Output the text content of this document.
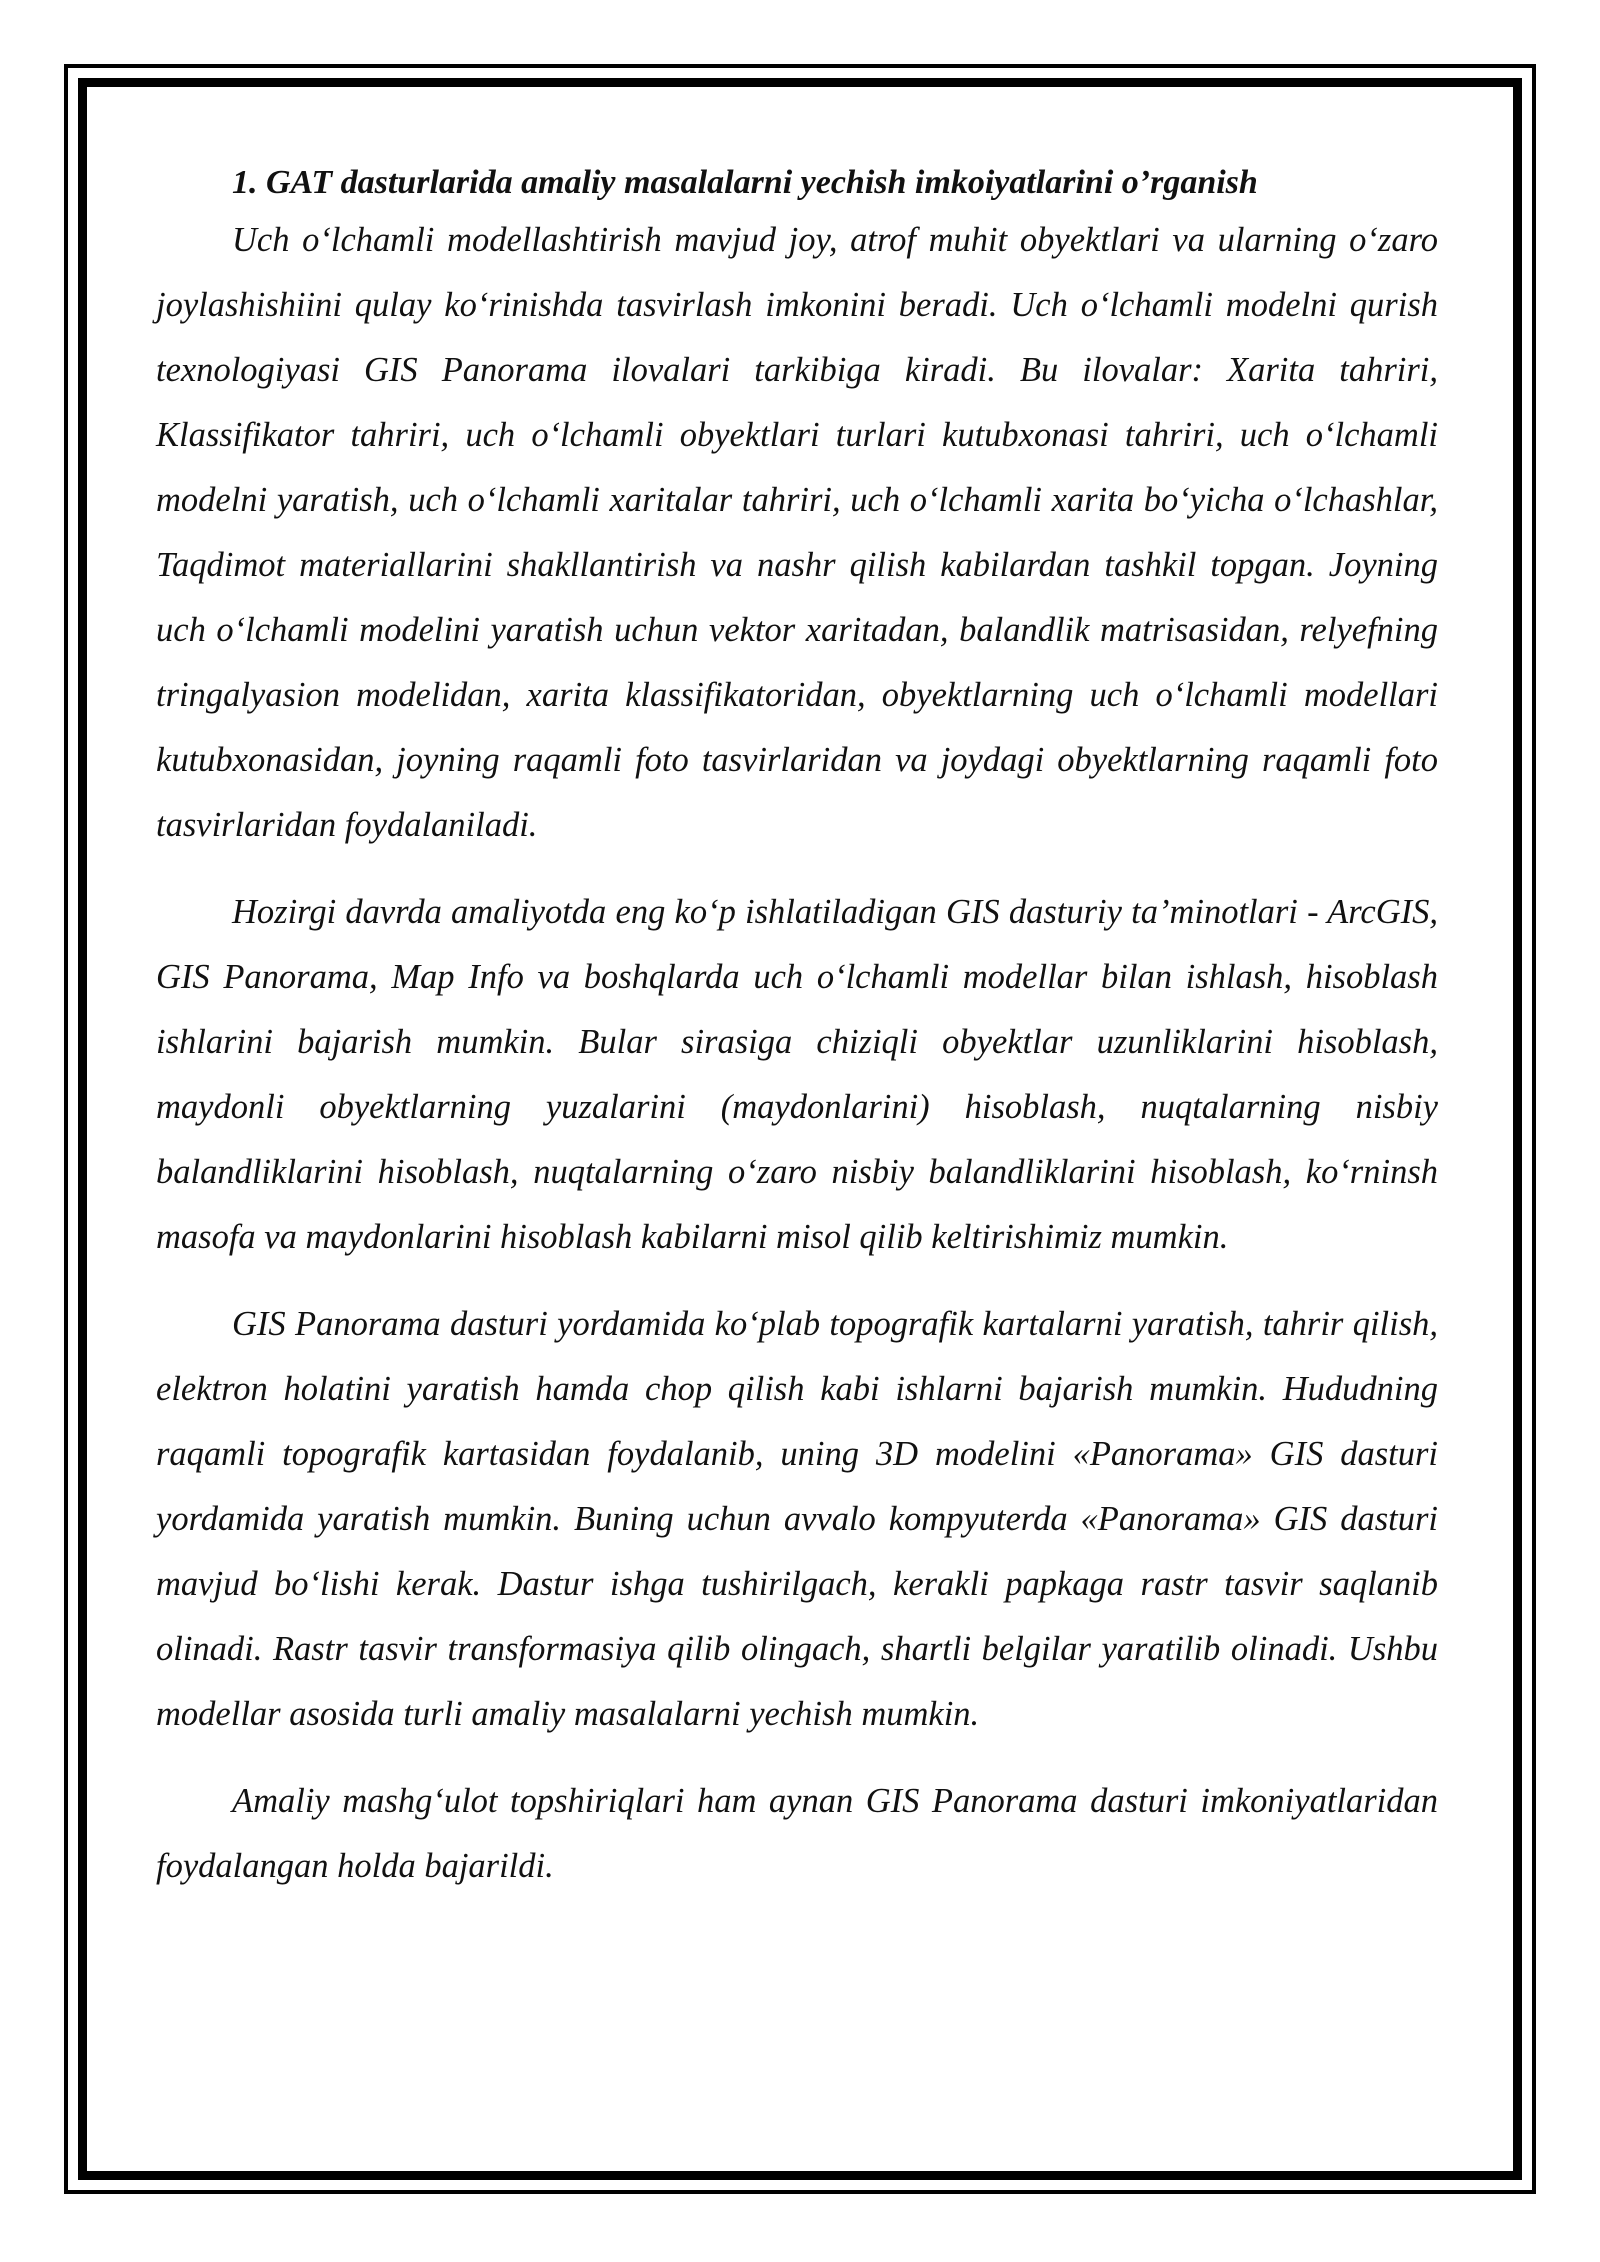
1. GAT dasturlarida amaliy masalalarni yechish imkoiyatlarini o’rganish

Uch o‘lchamli modellashtirish mavjud joy, atrof muhit obyektlari va ularning o‘zaro joylashishiini qulay ko‘rinishda tasvirlash imkonini beradi. Uch o‘lchamli modelni qurish texnologiyasi GIS Panorama ilovalari tarkibiga kiradi. Bu ilovalar: Xarita tahriri, Klassifikator tahriri, uch o‘lchamli obyektlari turlari kutubxonasi tahriri, uch o‘lchamli modelni yaratish, uch o‘lchamli xaritalar tahriri, uch o‘lchamli xarita bo‘yicha o‘lchashlar, Taqdimot materiallarini shakllantirish va nashr qilish kabilardan tashkil topgan. Joyning uch o‘lchamli modelini yaratish uchun vektor xaritadan, balandlik matrisasidan, relyefning tringalyasion modelidan, xarita klassifikatoridan, obyektlarning uch o‘lchamli modellari kutubxonasidan, joyning raqamli foto tasvirlaridan va joydagi obyektlarning raqamli foto tasvirlaridan foydalaniladi.

Hozirgi davrda amaliyotda eng ko‘p ishlatiladigan GIS dasturiy ta’minotlari - ArcGIS, GIS Panorama, Map Info va boshqlarda uch o‘lchamli modellar bilan ishlash, hisoblash ishlarini bajarish mumkin. Bular sirasiga chiziqli obyektlar uzunliklarini hisoblash, maydonli obyektlarning yuzalarini (maydonlarini) hisoblash, nuqtalarning nisbiy balandliklarini hisoblash, nuqtalarning o‘zaro nisbiy balandliklarini hisoblash, ko‘rninsh masofa va maydonlarini hisoblash kabilarni misol qilib keltirishimiz mumkin.

GIS Panorama dasturi yordamida ko‘plab topografik kartalarni yaratish, tahrir qilish, elektron holatini yaratish hamda chop qilish kabi ishlarni bajarish mumkin. Hududning raqamli topografik kartasidan foydalanib, uning 3D modelini «Panorama» GIS dasturi yordamida yaratish mumkin. Buning uchun avvalo kompyuterda «Panorama» GIS dasturi mavjud bo‘lishi kerak. Dastur ishga tushirilgach, kerakli papkaga rastr tasvir saqlanib olinadi. Rastr tasvir transformasiya qilib olingach, shartli belgilar yaratilib olinadi. Ushbu modellar asosida turli amaliy masalalarni yechish mumkin.

Amaliy mashg‘ulot topshiriqlari ham aynan GIS Panorama dasturi imkoniyatlaridan foydalangan holda bajarildi.
